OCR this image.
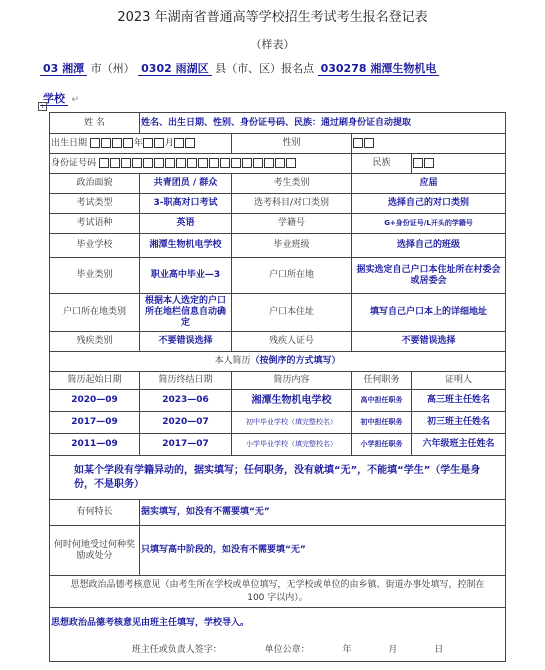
2023 年湖南省普通高等学校招生考试考生报名登记表
（样表）
03 湘潭 市（州） 0302 雨湖区 县（市、区）报名点 030278 湘潭生物机电
学校 ↵
+
姓 名	姓名、出生日期、性别、身份证号码、民族：通过刷身份证自动提取			
出生日期 年 月		性别		
身份证号码			民族	
政治面貌	共青团员 / 群众	考生类别	应届	
考试类型	3-职高对口考试	选考科目/对口类别	选择自己的对口类别	
考试语种	英语	学籍号	G+身份证号/L开头的学籍号	
毕业学校	湘潭生物机电学校	毕业班级	选择自己的班级	
毕业类别	职业高中毕业—3	户口所在地	据实选定自己户口本住址所在村委会或居委会	
户口所在地类别	根据本人选定的户口所在地栏信息自动确定	户口本住址	填写自己户口本上的详细地址	
残疾类别	不要错误选择	残疾人证号	不要错误选择	
本人简历（按倒序的方式填写）				
简历起始日期	简历终结日期	简历内容	任何职务	证明人
2020—09	2023—06	湘潭生物机电学校	高中担任职务	高三班主任姓名
2017—09	2020—07	初中毕业学校（填完整校名）	初中担任职务	初三班主任姓名
2011—09	2017—07	小学毕业学校（填完整校名）	小学担任职务	六年级班主任姓名
如某个学段有学籍异动的，据实填写；任何职务，没有就填“无”，不能填“学生”（学生是身份，不是职务）				
有何特长	据实填写，如没有不需要填“无”			
何时何地受过何种奖励或处分	只填写高中阶段的，如没有不需要填“无”			
思想政治品德考核意见（由考生所在学校或单位填写，无学校或单位的由乡镇、街道办事处填写，控制在 100 字以内）。				
思想政治品德考核意见由班主任填写，学校导入。				
班主任或负责人签字： 单位公章： 年 月 日				
